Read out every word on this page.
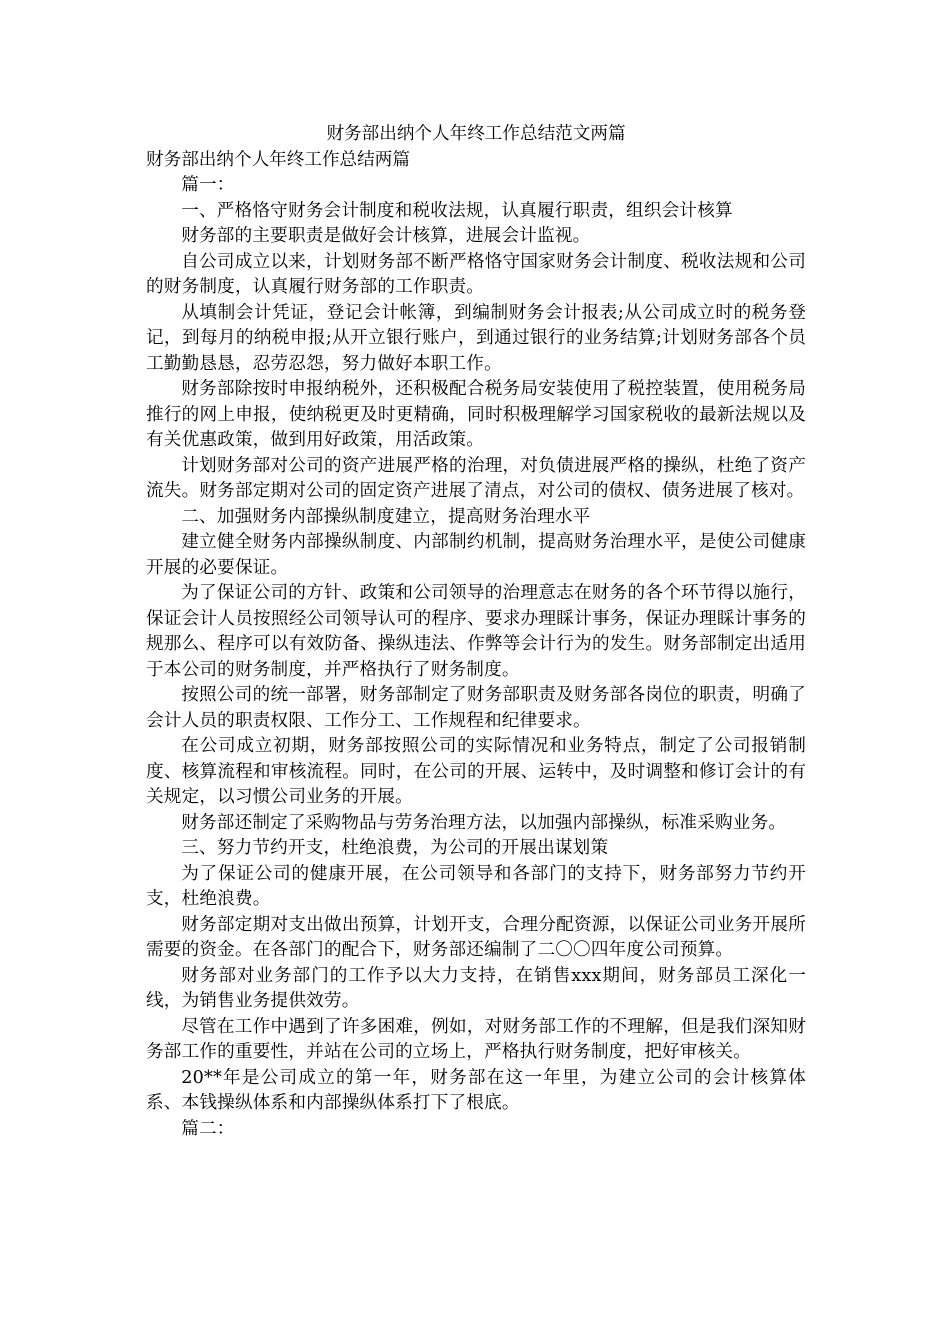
财务部出纳个人年终工作总结范文两篇
财务部出纳个人年终工作总结两篇

篇一：

一、严格恪守财务会计制度和税收法规，认真履行职责，组织会计核算

财务部的主要职责是做好会计核算，进展会计监视。

自公司成立以来，计划财务部不断严格恪守国家财务会计制度、税收法规和公司的财务制度，认真履行财务部的工作职责。

从填制会计凭证，登记会计帐簿，到编制财务会计报表;从公司成立时的税务登记，到每月的纳税申报;从开立银行账户，到通过银行的业务结算;计划财务部各个员工勤勤恳恳，忍劳忍怨，努力做好本职工作。

财务部除按时申报纳税外，还积极配合税务局安装使用了税控装置，使用税务局推行的网上申报，使纳税更及时更精确，同时积极理解学习国家税收的最新法规以及有关优惠政策，做到用好政策，用活政策。

计划财务部对公司的资产进展严格的治理，对负债进展严格的操纵，杜绝了资产流失。财务部定期对公司的固定资产进展了清点，对公司的债权、债务进展了核对。

二、加强财务内部操纵制度建立，提高财务治理水平

建立健全财务内部操纵制度、内部制约机制，提高财务治理水平，是使公司健康开展的必要保证。

为了保证公司的方针、政策和公司领导的治理意志在财务的各个环节得以施行，保证会计人员按照经公司领导认可的程序、要求办理睬计事务，保证办理睬计事务的规那么、程序可以有效防备、操纵违法、作弊等会计行为的发生。财务部制定出适用于本公司的财务制度，并严格执行了财务制度。

按照公司的统一部署，财务部制定了财务部职责及财务部各岗位的职责，明确了会计人员的职责权限、工作分工、工作规程和纪律要求。

在公司成立初期，财务部按照公司的实际情况和业务特点，制定了公司报销制度、核算流程和审核流程。同时，在公司的开展、运转中，及时调整和修订会计的有关规定，以习惯公司业务的开展。

财务部还制定了采购物品与劳务治理方法，以加强内部操纵，标准采购业务。

三、努力节约开支，杜绝浪费，为公司的开展出谋划策

为了保证公司的健康开展，在公司领导和各部门的支持下，财务部努力节约开支，杜绝浪费。

财务部定期对支出做出预算，计划开支，合理分配资源，以保证公司业务开展所需要的资金。在各部门的配合下，财务部还编制了二〇〇四年度公司预算。

财务部对业务部门的工作予以大力支持，在销售xxx期间，财务部员工深化一线，为销售业务提供效劳。

尽管在工作中遇到了许多困难，例如，对财务部工作的不理解，但是我们深知财务部工作的重要性，并站在公司的立场上，严格执行财务制度，把好审核关。

20**年是公司成立的第一年，财务部在这一年里，为建立公司的会计核算体系、本钱操纵体系和内部操纵体系打下了根底。

篇二：
